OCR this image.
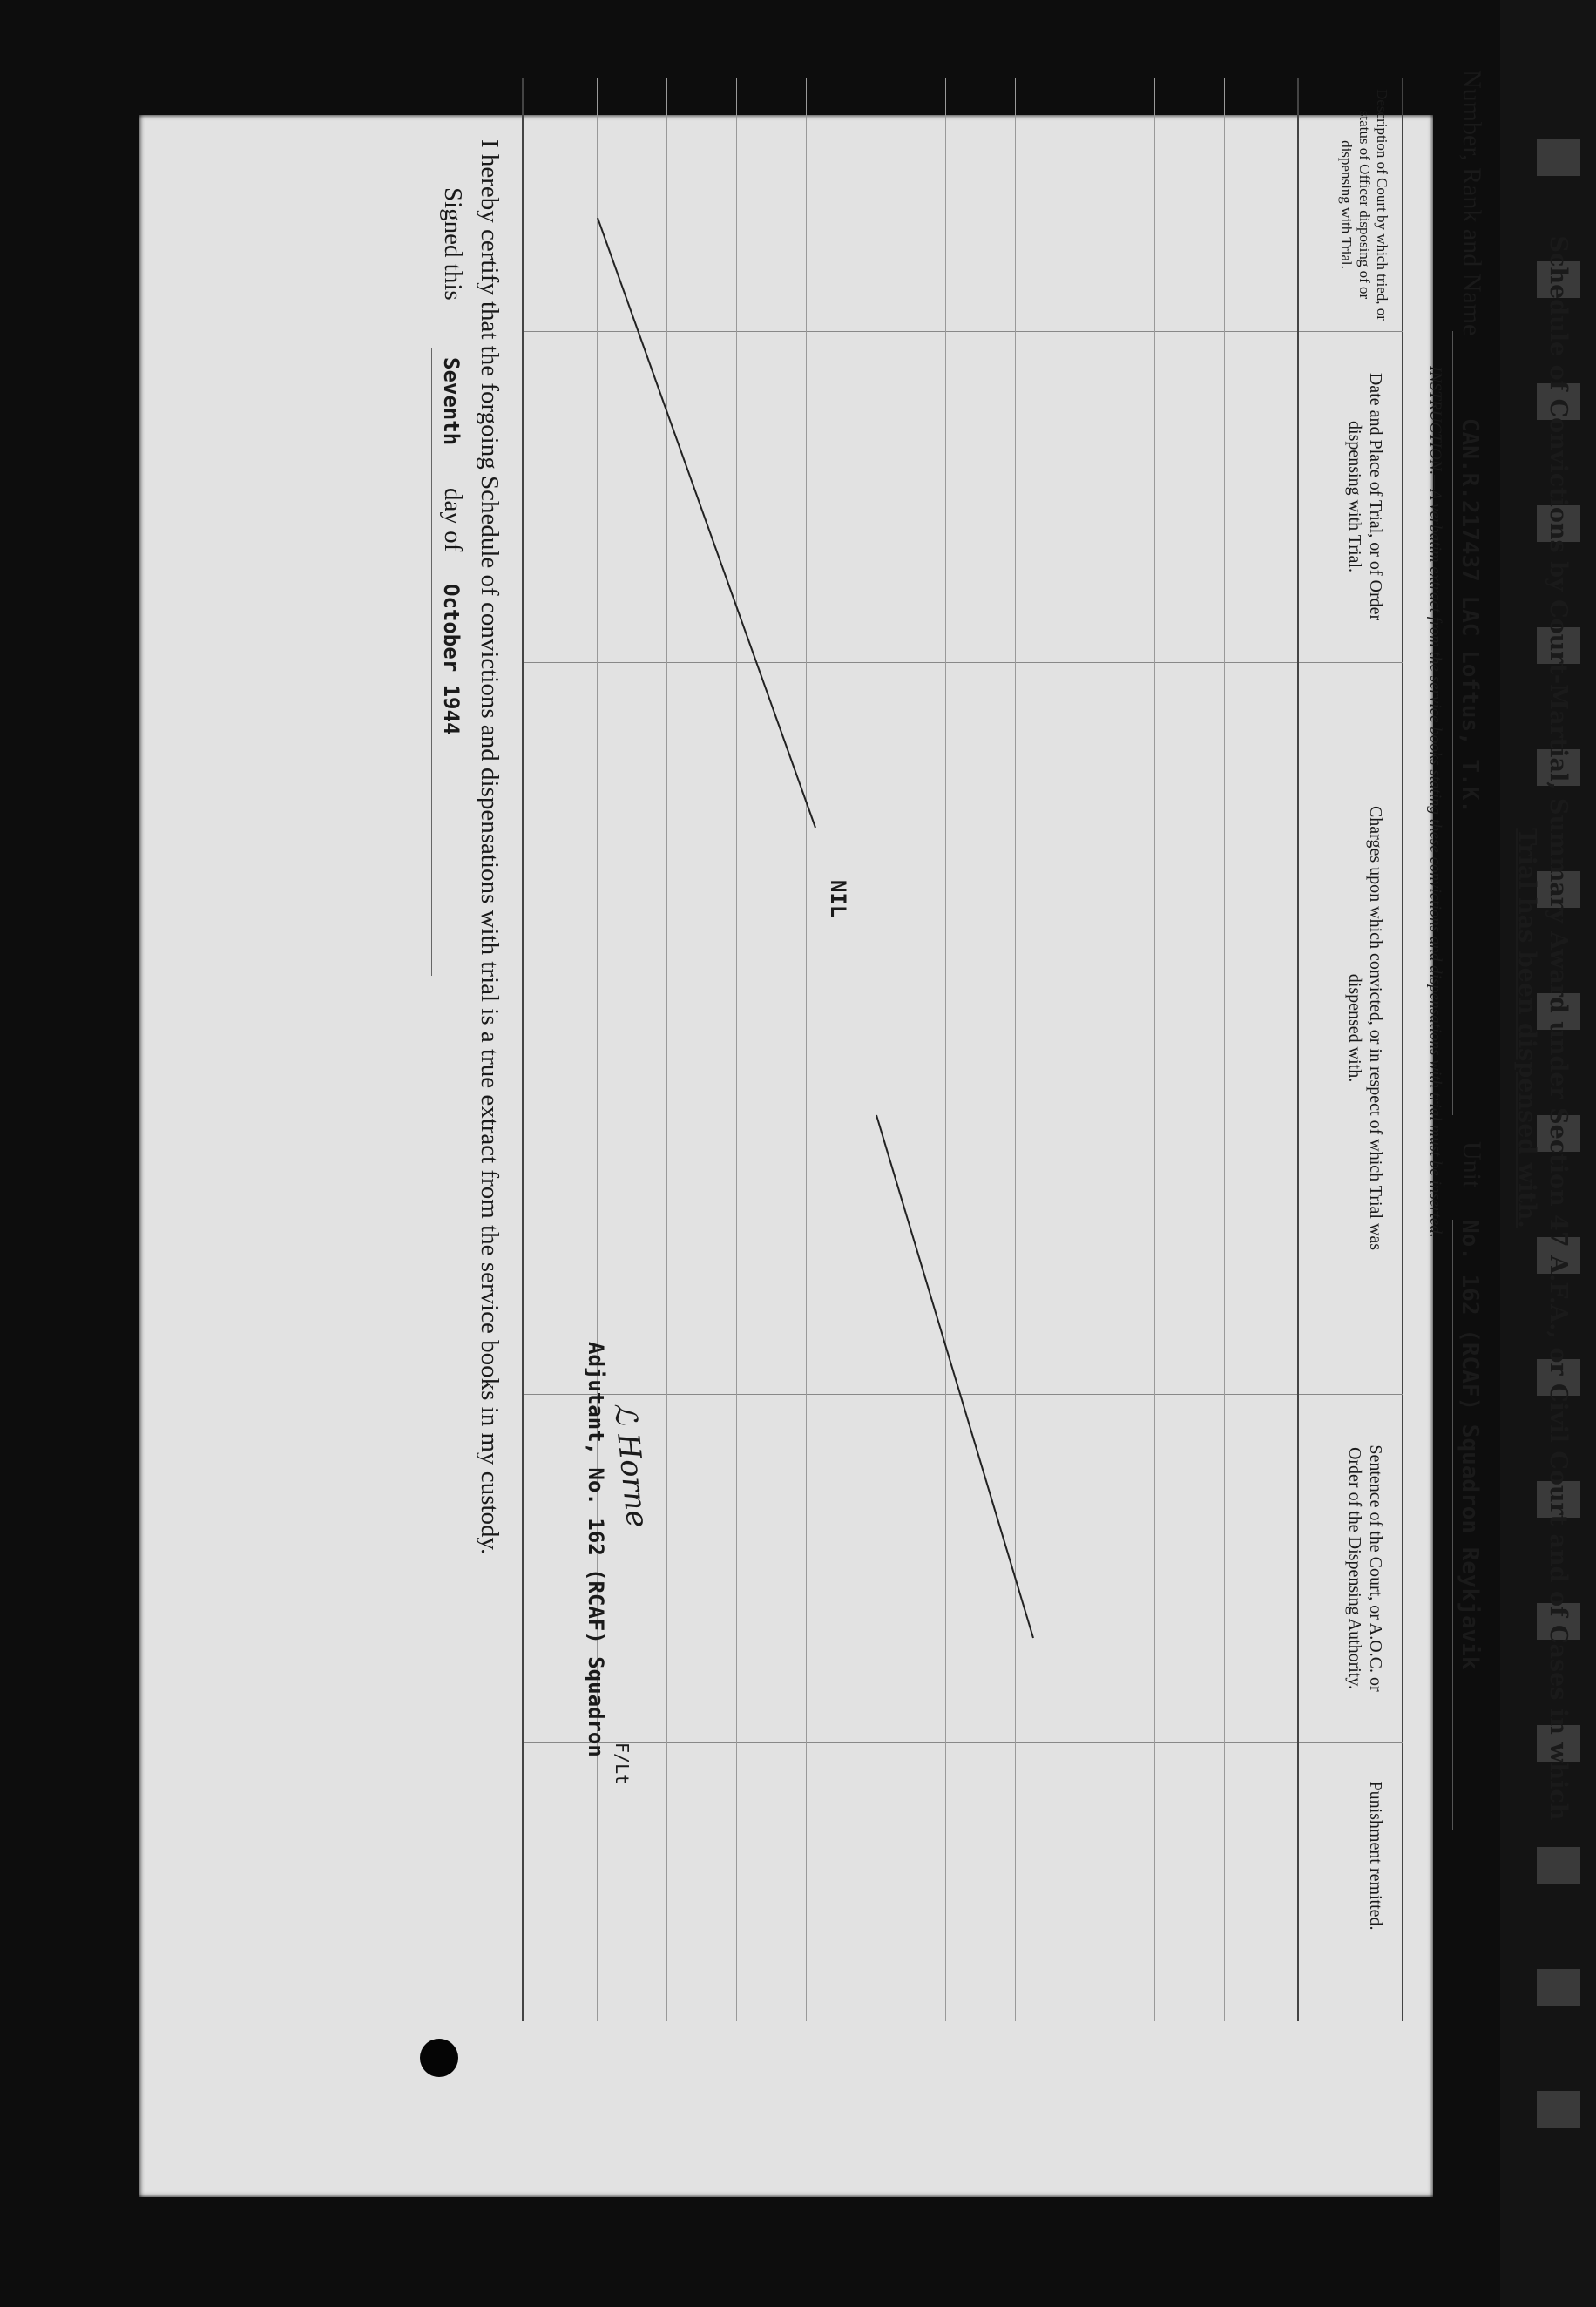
Schedule of Convictions by Court-Martial, Summary Award under Section 47 A.F.A., or Civil Court and of Cases in which
Trial has been dispensed with.
Number, Rank and Name
CAN.R.217437 LAC Loftus, T.K.
Unit
No. 162 (RCAF) Squadron Reykjavik
INSTRUCTION.—A verbatim extract from the service books stating these convictions and dispensations with trial must be inserted.
Description of Court by which tried, or status of Officer disposing of or dispensing with Trial.
Date and Place of Trial, or of Order dispensing with Trial.
Charges upon which convicted, or in respect of which Trial was dispensed with.
Sentence of the Court, or A.O.C. or Order of the Dispensing Authority.
Punishment remitted.
NIL
I hereby certify that the forgoing Schedule of convictions and dispensations with trial is a true extract from the service books in my custody.
Signed this
Seventh
day of
October 1944
ℒ Horne
F/Lt
Adjutant, No. 162 (RCAF) Squadron
